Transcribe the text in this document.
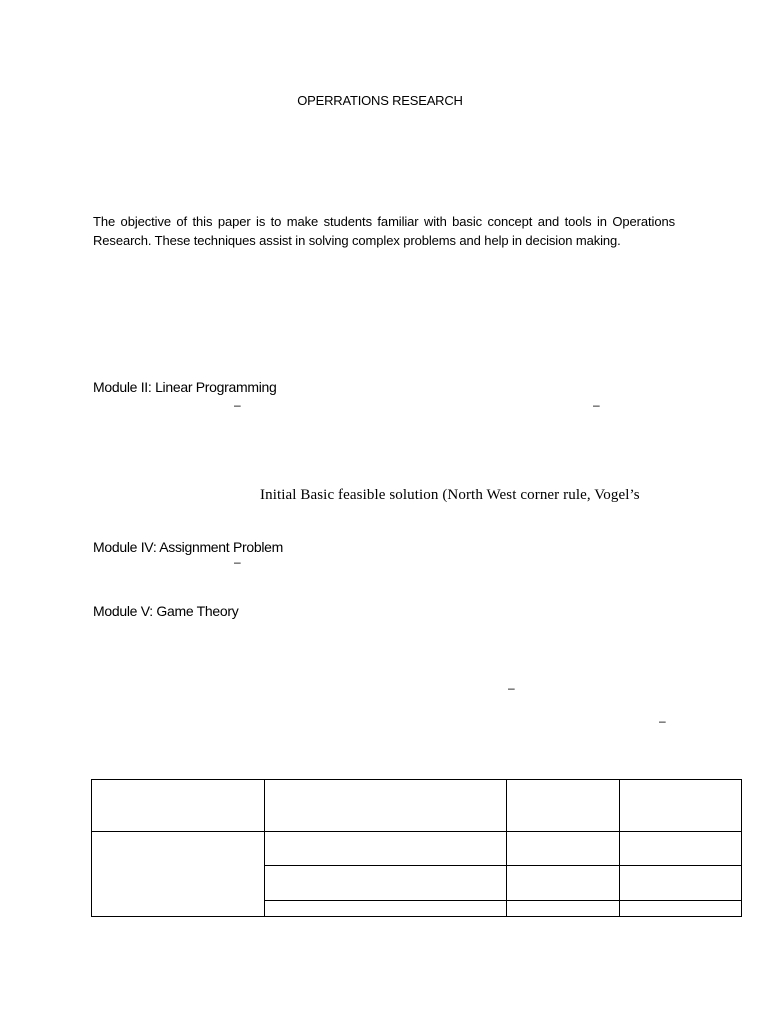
OPERRATIONS RESEARCH

The objective of this paper is to make students familiar with basic concept and tools in Operations Research. These techniques assist in solving complex problems and help in decision making.

Module II: Linear Programming
–	–
Initial Basic feasible solution (North West corner rule, Vogel’s
Module IV: Assignment Problem
–
Module V: Game Theory
–
–
